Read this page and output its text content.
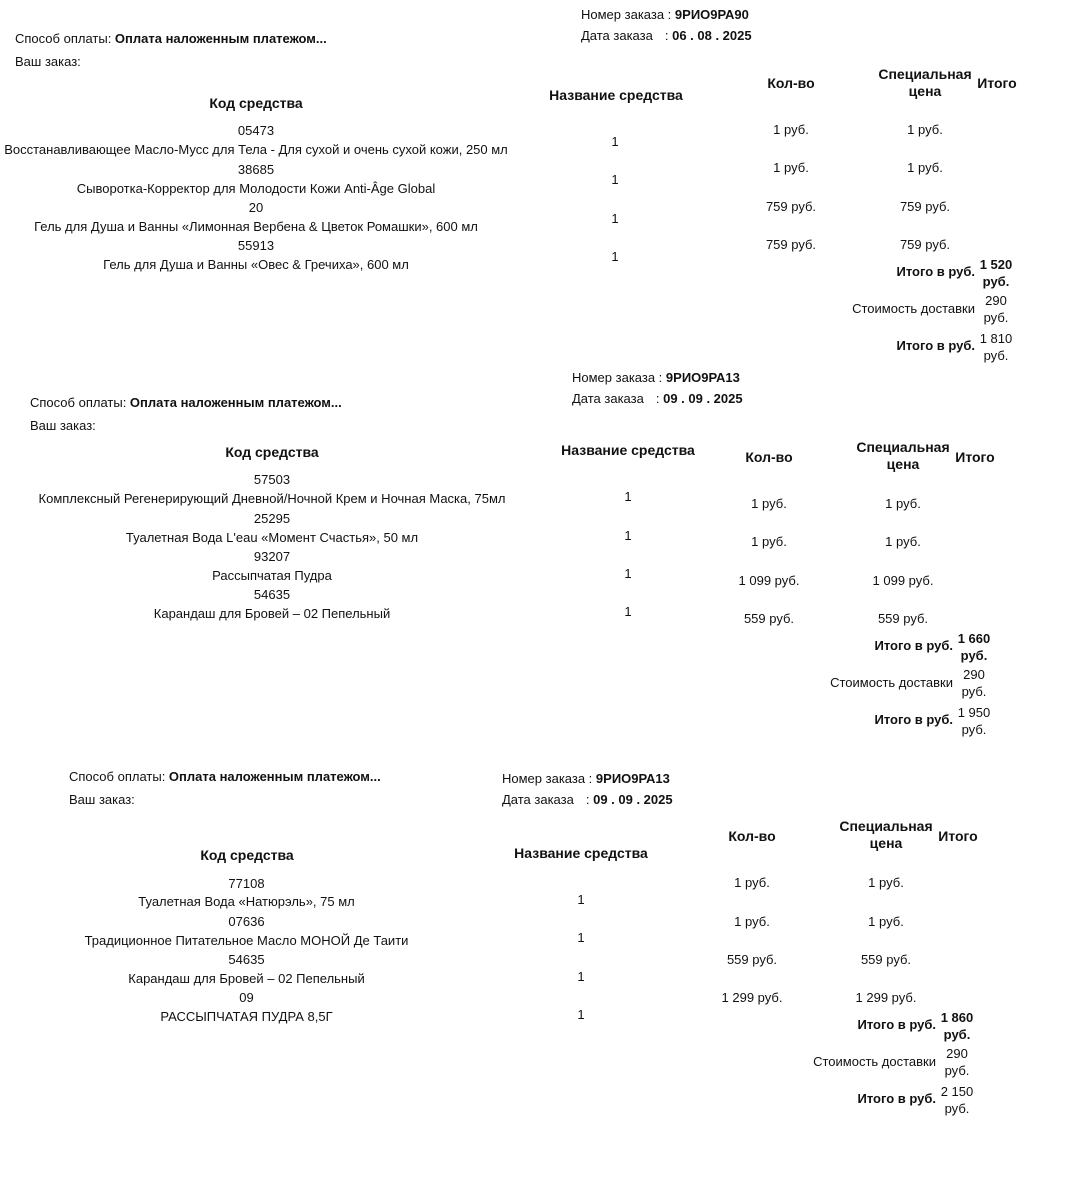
Способ оплаты: Оплата наложенным платежом...
Ваш заказ:
Номер заказа : 9РИО9РА90
Дата заказа : 06 . 08 . 2025
Код средства	Название средства
Кол-во
Специальная цена	Итого
05473
Восстанавливающее Масло-Мусс для Тела - Для сухой и очень сухой кожи, 250 мл
1
1 руб.	1 руб.
38685
Сыворотка-Корректор для Молодости Кожи Anti-Âge Global
1
1 руб.	1 руб.
20
Гель для Душа и Ванны «Лимонная Вербена & Цветок Ромашки», 600 мл
1
759 руб.	759 руб.
55913
Гель для Душа и Ванны «Овес & Гречиха», 600 мл
1
759 руб.	759 руб.
Итого в руб. 1 520
руб.
Стоимость доставки
290
руб.
Итого в руб. 1 810
руб.
Способ оплаты: Оплата наложенным платежом...
Ваш заказ:
Номер заказа : 9РИО9РА13
Дата заказа : 09 . 09 . 2025
Код средства	Название средства	Кол-во
Специальная цена	Итого
57503
Комплексный Регенерирующий Дневной/Ночной Крем и Ночная Маска, 75мл	1	1 руб.	1 руб.
25295
Туалетная Вода L'eau «Момент Счастья», 50 мл	1	1 руб.	1 руб.
93207
Рассыпчатая Пудра	1	1 099 руб.	1 099 руб.
54635
Карандаш для Бровей – 02 Пепельный	1	559 руб.	559 руб.
Итого в руб. 1 660
руб.
Стоимость доставки
290
руб.
Итого в руб. 1 950
руб.
Способ оплаты: Оплата наложенным платежом...
Ваш заказ:
Номер заказа : 9РИО9РА13
Дата заказа : 09 . 09 . 2025
Код средства	Название средства
Кол-во
Специальная цена	Итого
77108
Туалетная Вода «Натюрэль», 75 мл	1
1 руб.	1 руб.
07636
Традиционное Питательное Масло МОНОЙ Де Таити	1
1 руб.	1 руб.
54635
Карандаш для Бровей – 02 Пепельный	1
559 руб.	559 руб.
09
РАССЫПЧАТАЯ ПУДРА 8,5Г	1
1 299 руб.	1 299 руб.
Итого в руб. 1 860
руб.
Стоимость доставки
290
руб.
Итого в руб. 2 150
руб.
